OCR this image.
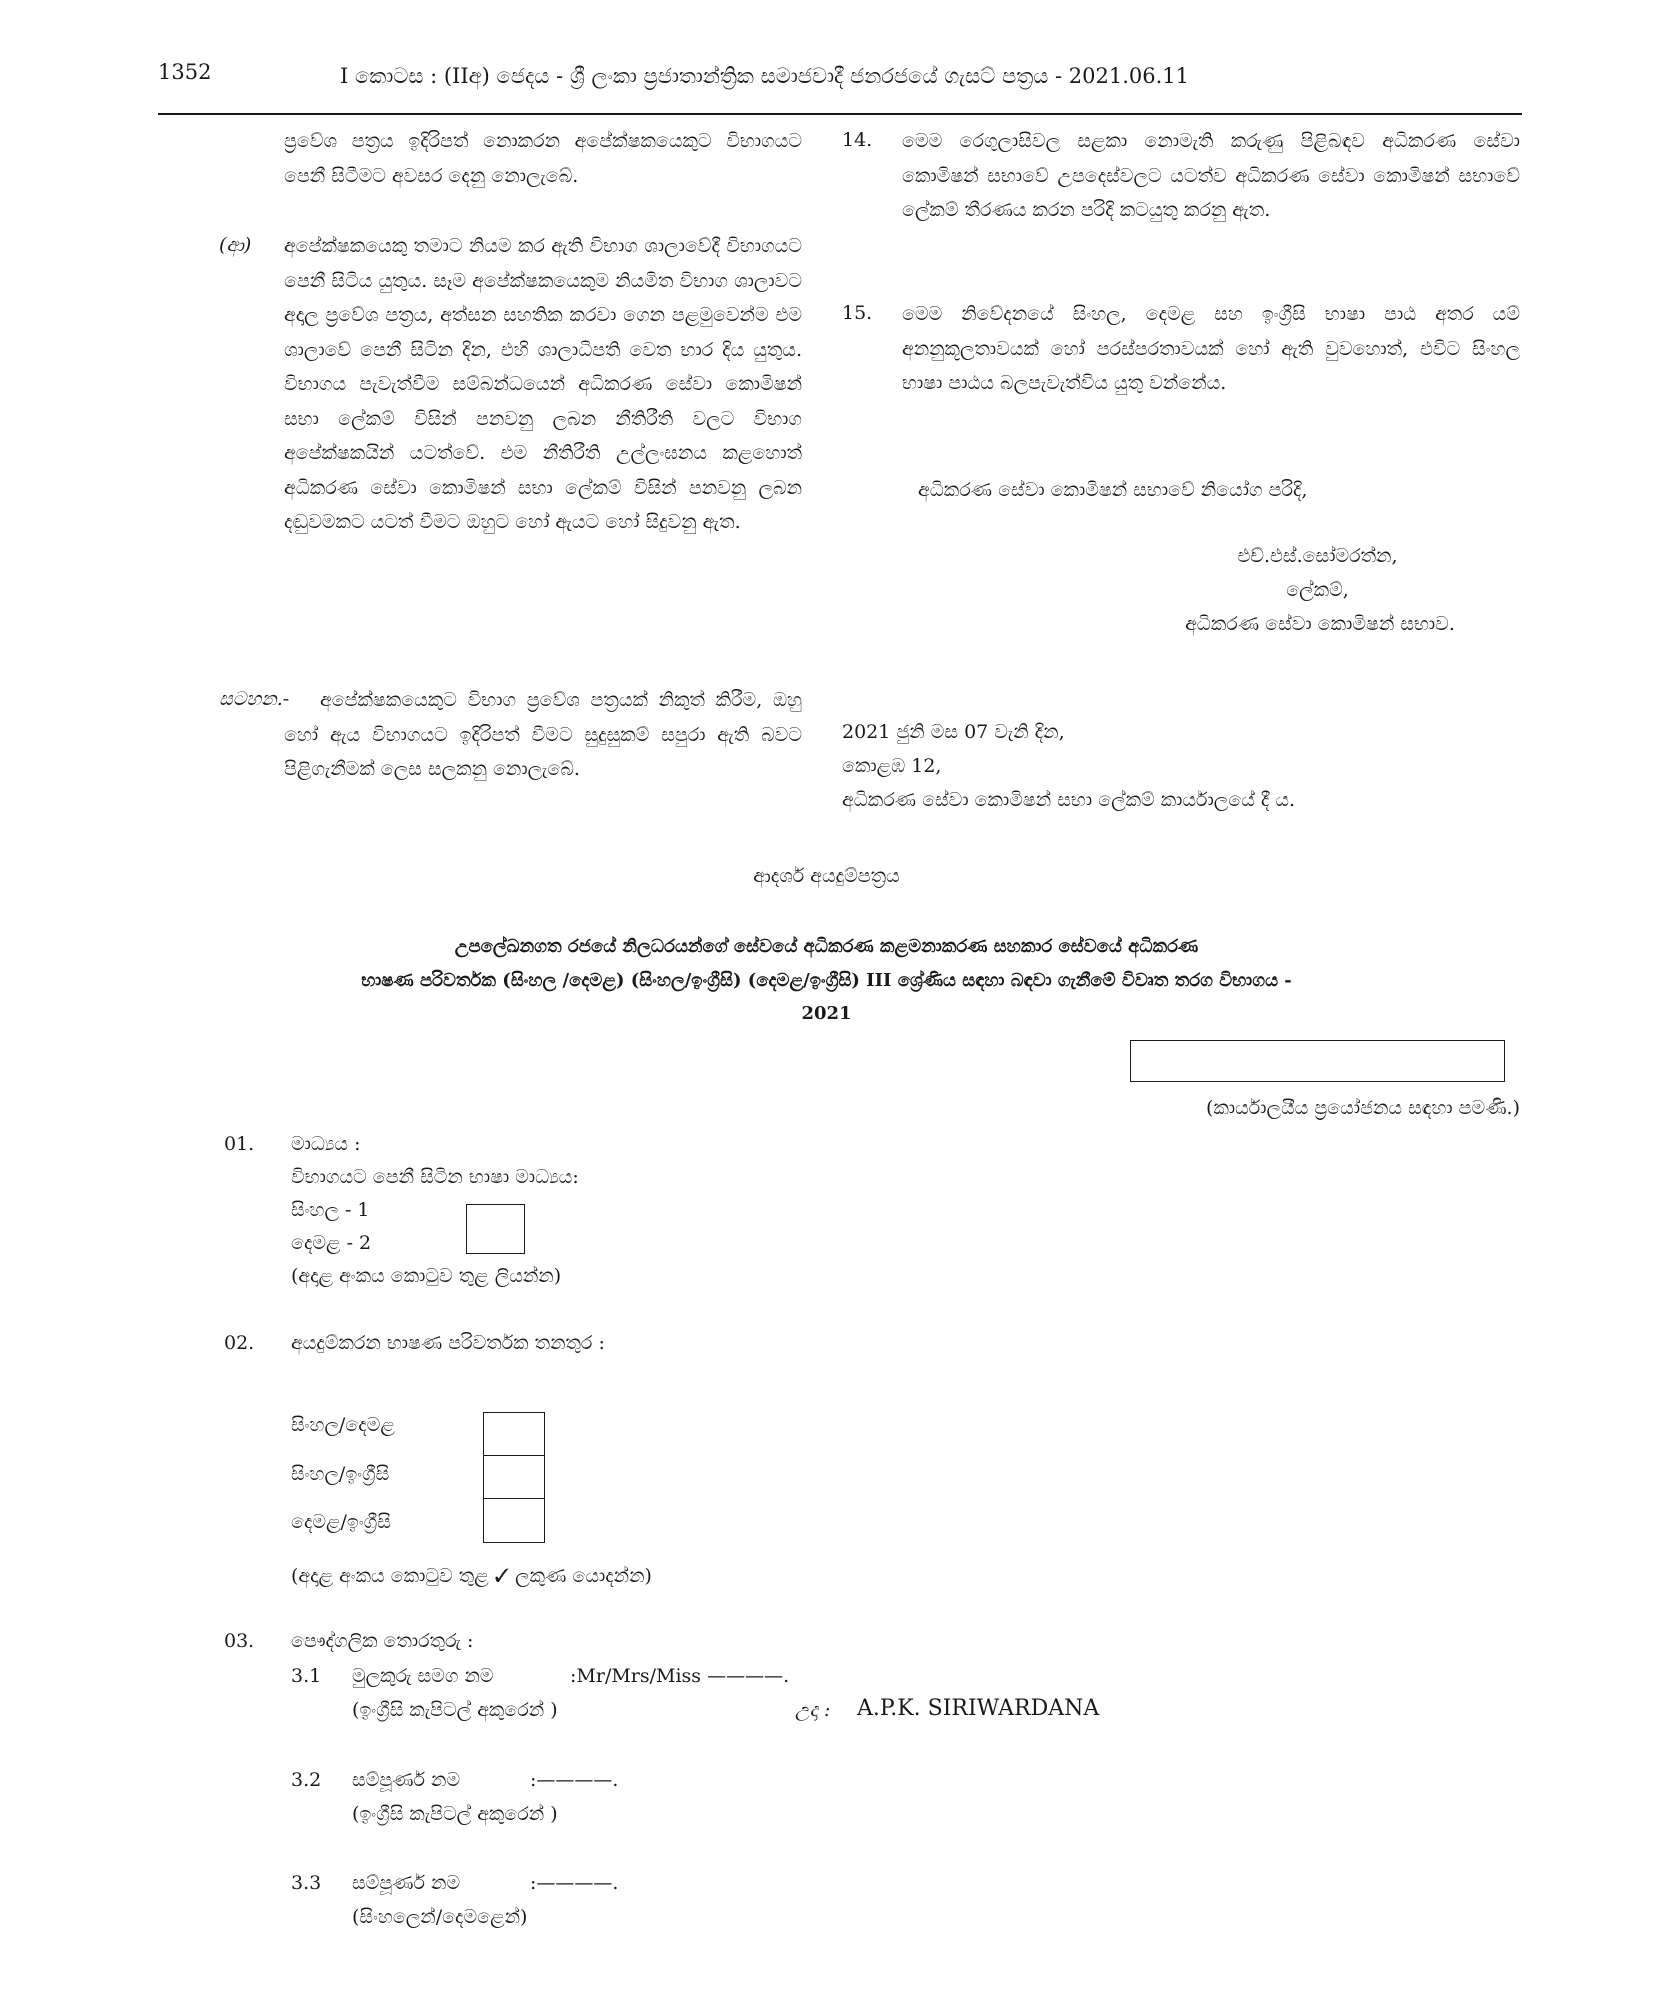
1352	I කොටස : (IIඅ) ජෙදය - ශ්‍රී ලංකා ප්‍රජාතාන්ත්‍රික සමාජවාදී ජනරජයේ ගැසට් පත්‍රය - 2021.06.11

ප්‍රවේශ පත්‍රය ඉදිරිපත් නොකරන අපේක්ෂකයෙකුට විභාගයට පෙනී සිටීමට අවසර දෙනු නොලැබේ.

(ආ) අපේක්ෂකයෙකු තමාට නියම කර ඇති විභාග ශාලාවේදී විභාගයට පෙනී සිටිය යුතුය. සෑම අපේක්ෂකයෙකුම නියමිත විභාග ශාලාවට අදාල ප්‍රවේශ පත්‍රය, අත්සන සහතික කරවා ගෙන පළමුවෙන්ම එම ශාලාවේ පෙනී සිටින දින, එහි ශාලාධිපති වෙත භාර දිය යුතුය. විභාගය පැවැත්වීම සම්බන්ධයෙන් අධිකරණ සේවා කොමිෂන් සභා ලේකම් විසින් පනවනු ලබන නීතිරීති වලට විභාග අපේක්ෂකයින් යටත්වේ. එම නීතිරීති උල්ලංඝනය කළහොත් අධිකරණ සේවා කොමිෂන් සභා ලේකම් විසින් පනවනු ලබන දඬුවමකට යටත් වීමට ඔහුට හෝ ඇයට හෝ සිදුවනු ඇත.

සටහන.-	අපේක්ෂකයෙකුට විභාග ප්‍රවේශ පත්‍රයක් නිකුත් කිරීම, ඔහු හෝ ඇය විභාගයට ඉදිරිපත් වීමට සුදුසුකම් සපුරා ඇති බවට පිළිගැනීමක් ලෙස සලකනු නොලැබේ.

14. මෙම රෙගුලාසිවල සළකා නොමැති කරුණු පිළිබඳව අධිකරණ සේවා කොමිෂන් සභාවේ උපදෙස්වලට යටත්ව අධිකරණ සේවා කොමිෂන් සභාවේ ලේකම් තීරණය කරන පරිදි කටයුතු කරනු ඇත.

15. මෙම නිවේදනයේ සිංහල, දෙමළ සහ ඉංග්‍රීසි භාෂා පාඨ අතර යම් අනනුකූලතාවයක් හෝ පරස්පරතාවයක් හෝ ඇති වුවහොත්, එවිට සිංහල භාෂා පාඨය බලපැවැත්විය යුතු වන්නේය.

අධිකරණ සේවා කොමිෂන් සභාවේ නියෝග පරිදි,
එච්.එස්.සෝමරත්න,
ලේකම්,
අධිකරණ සේවා කොමිෂන් සභාව.
2021 ජුනි මස 07 වැනි දින,
කොළඹ 12,
අධිකරණ සේවා කොමිෂන් සභා ලේකම් කාර්යාලයේ දී ය.
ආදර්ශ අයදුම්පත්‍රය
උපලේඛනගත රජයේ නිලධරයන්ගේ සේවයේ අධිකරණ කළමනාකරණ සහකාර සේවයේ අධිකරණ
භාෂණ පරිවර්තක (සිංහල /දෙමළ) (සිංහල/ඉංග්‍රීසි) (දෙමළ/ඉංග්‍රීසි) III ශ්‍රේණිය සඳහා බඳවා ගැනීමේ විවෘත තරග විභාගය -
2021
(කාර්යාලයීය ප්‍රයෝජනය සඳහා පමණි.)
01. මාධ්‍යය :
විභාගයට පෙනී සිටින භාෂා මාධ්‍යය:
සිංහල - 1
දෙමළ - 2
(අදාළ අංකය කොටුව තුළ ලියන්න)
02. අයදුම්කරන භාෂණ පරිවර්තක තනතුර :
සිංහල/දෙමළ
සිංහල/ඉංග්‍රීසි
දෙමළ/ඉංග්‍රීසි
(අදාළ අංකය කොටුව තුළ ✓ ලකුණ යොදන්න)
03. පෞද්ගලික තොරතුරු :
3.1 මුලකුරු සමග නම	:Mr/Mrs/Miss ————.
(ඉංග්‍රීසි කැපිටල් අකුරෙන් )	උදා : A.P.K. SIRIWARDANA
3.2 සම්පූර්ණ නම	:————.
(ඉංග්‍රීසි කැපිටල් අකුරෙන් )
3.3 සම්පූර්ණ නම	:————.
(සිංහලෙන්/දෙමළෙන්)
